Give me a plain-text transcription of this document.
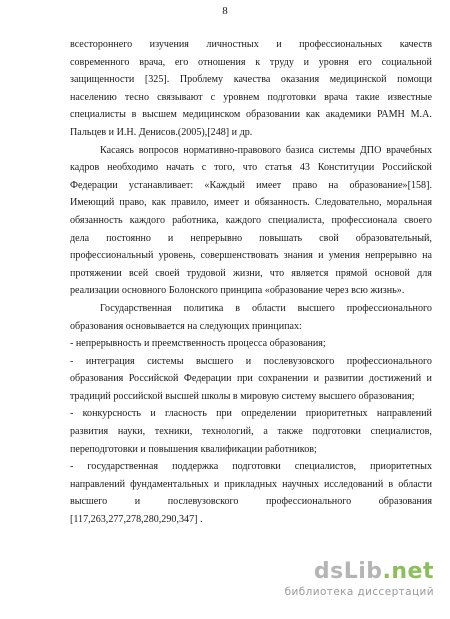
8
всестороннего изучения личностных и профессиональных качеств
современного врача, его отношения к труду и уровня его социальной
защищенности [325]. Проблему качества оказания медицинской помощи
населению тесно связывают с уровнем подготовки врача такие известные
специалисты в высшем медицинском образовании как академики РАМН М.А.
Пальцев и И.Н. Денисов.(2005),[248] и др.
Касаясь вопросов нормативно-правового базиса системы ДПО врачебных
кадров необходимо начать с того, что статья 43 Конституции Российской
Федерации устанавливает: «Каждый имеет право на образование»[158].
Имеющий право, как правило, имеет и обязанность. Следовательно, моральная
обязанность каждого работника, каждого специалиста, профессионала своего
дела постоянно и непрерывно повышать свой образовательный,
профессиональный уровень, совершенствовать знания и умения непрерывно на
протяжении всей своей трудовой жизни, что является прямой основой для
реализации основного Болонского принципа «образование через всю жизнь».
Государственная политика в области высшего профессионального
образования основывается на следующих принципах:
- непрерывность и преемственность процесса образования;
- интеграция системы высшего и послевузовского профессионального
образования Российской Федерации при сохранении и развитии достижений и
традиций российской высшей школы в мировую систему высшего образования;
- конкурсность и гласность при определении приоритетных направлений
развития науки, техники, технологий, а также подготовки специалистов,
переподготовки и повышения квалификации работников;
- государственная поддержка подготовки специалистов, приоритетных
направлений фундаментальных и прикладных научных исследований в области
высшего	и	послевузовского	профессионального	образования
[117,263,277,278,280,290,347] .
dsLib.net
библиотека диссертаций
